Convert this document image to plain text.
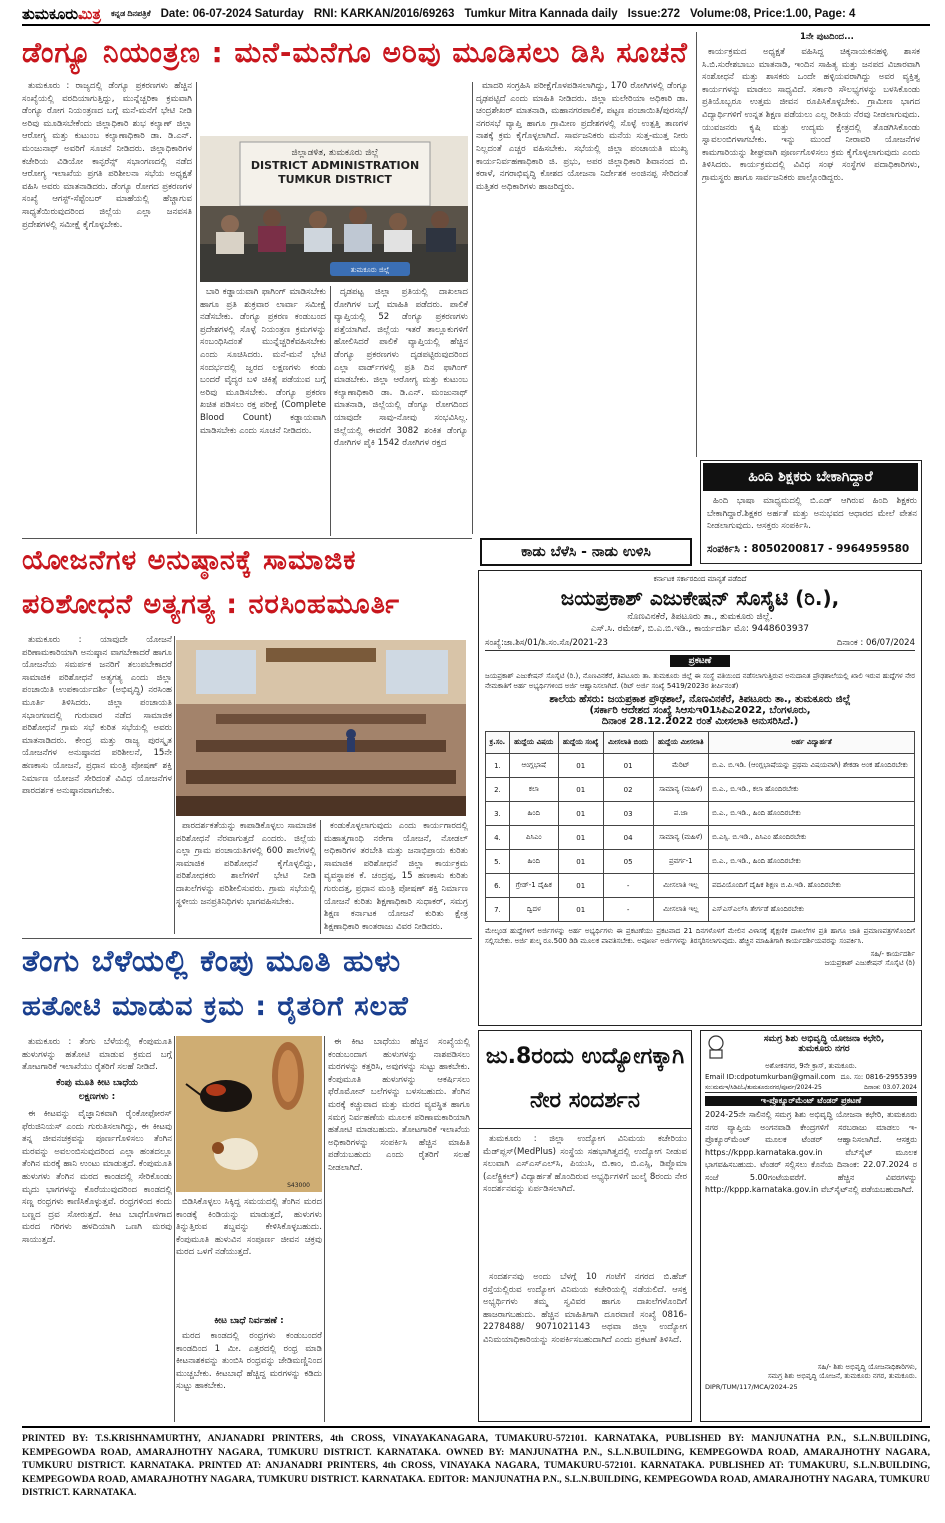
ತುಮಕೂರುಮಿತ್ರ ಕನ್ನಡ ದಿನಪತ್ರಿಕೆ Date: 06-07-2024 Saturday RNI: KARKAN/2016/69263 Tumkur Mitra Kannada daily Issue:272 Volume:08, Price:1.00, Page: 4
ಡೆಂಗ್ಯೂ ನಿಯಂತ್ರಣ : ಮನೆ-ಮನೆಗೂ ಅರಿವು ಮೂಡಿಸಲು ಡಿಸಿ ಸೂಚನೆ

ತುಮಕೂರು : ರಾಜ್ಯದಲ್ಲಿ ಡೆಂಗ್ಯೂ ಪ್ರಕರಣಗಳು ಹೆಚ್ಚಿನ ಸಂಖ್ಯೆಯಲ್ಲಿ ವರದಿಯಾಗುತ್ತಿದ್ದು, ಮುನ್ನೆಚ್ಚರಿಕಾ ಕ್ರಮವಾಗಿ ಡೆಂಗ್ಯೂ ರೋಗ ನಿಯಂತ್ರಣದ ಬಗ್ಗೆ ಮನೆ-ಮನೆಗೆ ಭೇಟಿ ನೀಡಿ ಅರಿವು ಮೂಡಿಸಬೇಕೆಂದು ಜಿಲ್ಲಾಧಿಕಾರಿ ಶುಭ ಕಲ್ಯಾಣ್ ಜಿಲ್ಲಾ ಆರೋಗ್ಯ ಮತ್ತು ಕುಟುಂಬ ಕಲ್ಯಾಣಾಧಿಕಾರಿ ಡಾ. ಡಿ.ಎನ್. ಮಂಜುನಾಥ್ ಅವರಿಗೆ ಸೂಚನೆ ನೀಡಿದರು. ಜಿಲ್ಲಾಧಿಕಾರಿಗಳ ಕಚೇರಿಯ ವಿಡಿಯೋ ಕಾನ್ಫರೆನ್ಸ್ ಸಭಾಂಗಣದಲ್ಲಿ ನಡೆದ ಆರೋಗ್ಯ ಇಲಾಖೆಯ ಪ್ರಗತಿ ಪರಿಶೀಲನಾ ಸಭೆಯ ಅಧ್ಯಕ್ಷತೆ ವಹಿಸಿ ಅವರು ಮಾತನಾಡಿದರು. ಡೆಂಗ್ಯೂ ರೋಗದ ಪ್ರಕರಣಗಳ ಸಂಖ್ಯೆ ಆಗಸ್ಟ್-ಸೆಪ್ಟೆಂಬರ್ ಮಾಹೆಯಲ್ಲಿ ಹೆಚ್ಚಾಗುವ ಸಾಧ್ಯತೆಯಿರುವುದರಿಂದ ಜಿಲ್ಲೆಯ ಎಲ್ಲಾ ಜನವಸತಿ ಪ್ರದೇಶಗಳಲ್ಲಿ ಸಮೀಕ್ಷೆ ಕೈಗೊಳ್ಳಬೇಕು.

ಜಿಲ್ಲಾಡಳಿತ, ತುಮಕೂರು ಜಿಲ್ಲೆ
DISTRICT ADMINISTRATION
TUMKUR DISTRICT
ತುಮಕೂರು ಜಿಲ್ಲೆ

ಬಾರಿ ಕಡ್ಡಾಯವಾಗಿ ಫಾಗಿಂಗ್ ಮಾಡಿಸಬೇಕು ಹಾಗೂ ಪ್ರತಿ ಶುಕ್ರವಾರ ಲಾರ್ವಾ ಸಮೀಕ್ಷೆ ನಡೆಸಬೇಕು. ಡೆಂಗ್ಯೂ ಪ್ರಕರಣ ಕಂಡುಬಂದ ಪ್ರದೇಶಗಳಲ್ಲಿ ಸೊಳ್ಳೆ ನಿಯಂತ್ರಣ ಕ್ರಮಗಳನ್ನು ಸಂಬಂಧಿಸಿದಂತೆ ಮುನ್ನೆಚ್ಚರಿಕೆವಹಿಸಬೇಕು ಎಂದು ಸೂಚಿಸಿದರು. ಮನೆ-ಮನೆ ಭೇಟಿ ಸಂದರ್ಭದಲ್ಲಿ ಜ್ವರದ ಲಕ್ಷಣಗಳು ಕಂಡು ಬಂದರೆ ವೈದ್ಯರ ಬಳಿ ಚಿಕಿತ್ಸೆ ಪಡೆಯುವ ಬಗ್ಗೆ ಅರಿವು ಮೂಡಿಸಬೇಕು. ಡೆಂಗ್ಯೂ ಪ್ರಕರಣ ಖಚಿತ ಪಡಿಸಲು ರಕ್ತ ಪರೀಕ್ಷೆ (Complete Blood Count) ಕಡ್ಡಾಯವಾಗಿ ಮಾಡಿಸಬೇಕು ಎಂದು ಸೂಚನೆ ನೀಡಿದರು.

ದೃಡಪಟ್ಟ ಜಿಲ್ಲಾ ಪ್ರತಿಯಲ್ಲಿ ದಾಖಲಾದ ರೋಗಿಗಳ ಬಗ್ಗೆ ಮಾಹಿತಿ ಪಡೆದರು. ಪಾಲಿಕೆ ವ್ಯಾಪ್ತಿಯಲ್ಲಿ 52 ಡೆಂಗ್ಯೂ ಪ್ರಕರಣಗಳು ಪತ್ತೆಯಾಗಿವೆ. ಜಿಲ್ಲೆಯ ಇತರೆ ತಾಲ್ಲೂಕುಗಳಿಗೆ ಹೋಲಿಸಿದರೆ ಪಾಲಿಕೆ ವ್ಯಾಪ್ತಿಯಲ್ಲಿ ಹೆಚ್ಚಿನ ಡೆಂಗ್ಯೂ ಪ್ರಕರಣಗಳು ದೃಡಪಟ್ಟಿರುವುದರಿಂದ ಎಲ್ಲಾ ವಾರ್ಡ್‌ಗಳಲ್ಲಿ ಪ್ರತಿ ದಿನ ಫಾಗಿಂಗ್ ಮಾಡಬೇಕು. ಜಿಲ್ಲಾ ಆರೋಗ್ಯ ಮತ್ತು ಕುಟುಂಬ ಕಲ್ಯಾಣಾಧಿಕಾರಿ ಡಾ. ಡಿ.ಎನ್. ಮಂಜುನಾಥ್ ಮಾತನಾಡಿ, ಜಿಲ್ಲೆಯಲ್ಲಿ ಡೆಂಗ್ಯೂ ರೋಗದಿಂದ ಯಾವುದೇ ಸಾವು-ನೋವು ಸಂಭವಿಸಿಲ್ಲ. ಜಿಲ್ಲೆಯಲ್ಲಿ ಈವರೆಗೆ 3082 ಶಂಕಿತ ಡೆಂಗ್ಯೂ ರೋಗಿಗಳ ಪೈಕಿ 1542 ರೋಗಿಗಳ ರಕ್ತದ

ಮಾದರಿ ಸಂಗ್ರಹಿಸಿ ಪರೀಕ್ಷೆಗೊಳಪಡಿಸಲಾಗಿದ್ದು, 170 ರೋಗಿಗಳಲ್ಲಿ ಡೆಂಗ್ಯೂ ದೃಢಪಟ್ಟಿದೆ ಎಂದು ಮಾಹಿತಿ ನೀಡಿದರು. ಜಿಲ್ಲಾ ಮಲೇರಿಯಾ ಅಧಿಕಾರಿ ಡಾ. ಚಂದ್ರಶೇಖರ್ ಮಾತನಾಡಿ, ಮಹಾನಗರಪಾಲಿಕೆ, ಪಟ್ಟಣ ಪಂಚಾಯಿತಿ/ಪುರಸಭೆ/ನಗರಸಭೆ ವ್ಯಾಪ್ತಿ ಹಾಗೂ ಗ್ರಾಮೀಣ ಪ್ರದೇಶಗಳಲ್ಲಿ ಸೊಳ್ಳೆ ಉತ್ಪತ್ತಿ ತಾಣಗಳ ನಾಶಕ್ಕೆ ಕ್ರಮ ಕೈಗೊಳ್ಳಲಾಗಿದೆ. ಸಾರ್ವಜನಿಕರು ಮನೆಯ ಸುತ್ತ-ಮುತ್ತ ನೀರು ನಿಲ್ಲದಂತೆ ಎಚ್ಚರ ವಹಿಸಬೇಕು. ಸಭೆಯಲ್ಲಿ ಜಿಲ್ಲಾ ಪಂಚಾಯತಿ ಮುಖ್ಯ ಕಾರ್ಯನಿರ್ವಹಣಾಧಿಕಾರಿ ಜಿ. ಪ್ರಭು, ಅಪರ ಜಿಲ್ಲಾಧಿಕಾರಿ ಶಿವಾನಂದ ಬಿ. ಕರಾಳೆ, ನಗರಾಭಿವೃದ್ಧಿ ಕೋಶದ ಯೋಜನಾ ನಿರ್ದೇಶಕ ಅಂಜಿನಪ್ಪ ಸೇರಿದಂತೆ ಮತ್ತಿತರ ಅಧಿಕಾರಿಗಳು ಹಾಜರಿದ್ದರು.

1ನೇ ಪುಟದಿಂದ...

ಕಾರ್ಯಕ್ರಮದ ಅಧ್ಯಕ್ಷತೆ ವಹಿಸಿದ್ದ ಚಿಕ್ಕನಾಯಕನಹಳ್ಳಿ ಶಾಸಕ ಸಿ.ಬಿ.ಸುರೇಶಬಾಬು ಮಾತನಾಡಿ, ಇಂದಿನ ಸಾಹಿತ್ಯ ಮತ್ತು ಜನಪದ ವಿಚಾರವಾಗಿ ಸಂಶೋಧನೆ ಮತ್ತು ಶಾಸಕರು ಒಂದೇ ಹಳ್ಳಿಯವರಾಗಿದ್ದು ಅವರ ವ್ಯಕ್ತಿತ್ವ ಕಾರ್ಯಗಳನ್ನು ಮಾಡಲು ಸಾಧ್ಯವಿದೆ. ಸರ್ಕಾರಿ ಸೌಲಭ್ಯಗಳನ್ನು ಬಳಸಿಕೊಂಡು ಪ್ರತಿಯೊಬ್ಬರೂ ಉತ್ತಮ ಜೀವನ ರೂಪಿಸಿಕೊಳ್ಳಬೇಕು. ಗ್ರಾಮೀಣ ಭಾಗದ ವಿದ್ಯಾರ್ಥಿಗಳಿಗೆ ಉನ್ನತ ಶಿಕ್ಷಣ ಪಡೆಯಲು ಎಲ್ಲ ರೀತಿಯ ನೆರವು ನೀಡಲಾಗುವುದು. ಯುವಜನರು ಕೃಷಿ ಮತ್ತು ಉದ್ಯಮ ಕ್ಷೇತ್ರದಲ್ಲಿ ತೊಡಗಿಸಿಕೊಂಡು ಸ್ವಾವಲಂಬಿಗಳಾಗಬೇಕು. ಇನ್ನು ಮುಂದೆ ನೀರಾವರಿ ಯೋಜನೆಗಳ ಕಾಮಗಾರಿಯನ್ನು ಶೀಘ್ರವಾಗಿ ಪೂರ್ಣಗೊಳಿಸಲು ಕ್ರಮ ಕೈಗೊಳ್ಳಲಾಗುವುದು ಎಂದು ತಿಳಿಸಿದರು. ಕಾರ್ಯಕ್ರಮದಲ್ಲಿ ವಿವಿಧ ಸಂಘ ಸಂಸ್ಥೆಗಳ ಪದಾಧಿಕಾರಿಗಳು, ಗ್ರಾಮಸ್ಥರು ಹಾಗೂ ಸಾರ್ವಜನಿಕರು ಪಾಲ್ಗೊಂಡಿದ್ದರು.

ಹಿಂದಿ ಶಿಕ್ಷಕರು ಬೇಕಾಗಿದ್ದಾರೆ

ಹಿಂದಿ ಭಾಷಾ ಮಾಧ್ಯಮದಲ್ಲಿ ಬಿ.ಎಡ್ ಆಗಿರುವ ಹಿಂದಿ ಶಿಕ್ಷಕರು ಬೇಕಾಗಿದ್ದಾರೆ.ಶಿಕ್ಷಕರ ಅರ್ಹತೆ ಮತ್ತು ಅನುಭವದ ಆಧಾರದ ಮೇಲೆ ವೇತನ ನೀಡಲಾಗುವುದು. ಆಸಕ್ತರು ಸಂಪರ್ಕಿಸಿ.

ಸಂಪರ್ಕಿಸಿ : 8050200817 - 9964959580
ಕಾಡು ಬೆಳೆಸಿ - ನಾಡು ಉಳಿಸಿ
ಯೋಜನೆಗಳ ಅನುಷ್ಠಾನಕ್ಕೆ ಸಾಮಾಜಿಕ
ಪರಿಶೋಧನೆ ಅತ್ಯಗತ್ಯ : ನರಸಿಂಹಮೂರ್ತಿ

ತುಮಕೂರು : ಯಾವುದೇ ಯೋಜನೆ ಪರಿಣಾಮಕಾರಿಯಾಗಿ ಅನುಷ್ಠಾನ ವಾಗಬೇಕಾದರೆ ಹಾಗೂ ಯೋಜನೆಯ ಸಮರ್ಪಕ ಜನರಿಗೆ ತಲುಪಬೇಕಾದರೆ ಸಾಮಾಜಿಕ ಪರಿಶೋಧನೆ ಅತ್ಯಗತ್ಯ ಎಂದು ಜಿಲ್ಲಾ ಪಂಚಾಯಿತಿ ಉಪಕಾರ್ಯದರ್ಶಿ (ಅಭಿವೃದ್ಧಿ) ನರಸಿಂಹ ಮೂರ್ತಿ ತಿಳಿಸಿದರು. ಜಿಲ್ಲಾ ಪಂಚಾಯತಿ ಸಭಾಂಗಣದಲ್ಲಿ ಗುರುವಾರ ನಡೆದ ಸಾಮಾಜಿಕ ಪರಿಶೋಧನೆ ಗ್ರಾಮ ಸಭೆ ಕುರಿತ ಸಭೆಯಲ್ಲಿ ಅವರು ಮಾತನಾಡಿದರು. ಕೇಂದ್ರ ಮತ್ತು ರಾಜ್ಯ ಪುರಸ್ಕೃತ ಯೋಜನೆಗಳ ಅನುಷ್ಠಾನದ ಪರಿಶೀಲನೆ, 15ನೇ ಹಣಕಾಸು ಯೋಜನೆ, ಪ್ರಧಾನ ಮಂತ್ರಿ ಪೋಷಣ್ ಶಕ್ತಿ ನಿರ್ಮಾಣ ಯೋಜನೆ ಸೇರಿದಂತೆ ವಿವಿಧ ಯೋಜನೆಗಳ ಪಾರದರ್ಶಕ ಅನುಷ್ಠಾನವಾಗಬೇಕು.

ಪಾರದರ್ಶಕತೆಯನ್ನು ಕಾಪಾಡಿಕೊಳ್ಳಲು ಸಾಮಾಜಿಕ ಪರಿಶೋಧನೆ ನೆರವಾಗುತ್ತದೆ ಎಂದರು. ಜಿಲ್ಲೆಯ ಎಲ್ಲಾ ಗ್ರಾಮ ಪಂಚಾಯತಿಗಳಲ್ಲಿ 600 ಶಾಲೆಗಳಲ್ಲಿ ಸಾಮಾಜಿಕ ಪರಿಶೋಧನೆ ಕೈಗೊಳ್ಳಲಿದ್ದು, ಪರಿಶೋಧಕರು ಶಾಲೆಗಳಿಗೆ ಭೇಟಿ ನೀಡಿ ದಾಖಲೆಗಳನ್ನು ಪರಿಶೀಲಿಸುವರು. ಗ್ರಾಮ ಸಭೆಯಲ್ಲಿ ಸ್ಥಳೀಯ ಜನಪ್ರತಿನಿಧಿಗಳು ಭಾಗವಹಿಸಬೇಕು.

ಕಂಡುಕೊಳ್ಳಲಾಗುವುದು ಎಂದು ಕಾರ್ಯಗಾರದಲ್ಲಿ ಮಹಾತ್ಮಗಾಂಧಿ ನರೇಗಾ ಯೋಜನೆ, ನೋಡಲ್ ಅಧಿಕಾರಿಗಳ ತರಬೇತಿ ಮತ್ತು ಜನಾಭಿಪ್ರಾಯ ಕುರಿತು ಸಾಮಾಜಿಕ ಪರಿಶೋಧನೆ ಜಿಲ್ಲಾ ಕಾರ್ಯಕ್ರಮ ವ್ಯವಸ್ಥಾಪಕ ಕೆ. ಚಂದ್ರಪ್ಪ, 15 ಹಣಕಾಸು ಕುರಿತು ಗುರುದತ್ತ, ಪ್ರಧಾನ ಮಂತ್ರಿ ಪೋಷಣ್ ಶಕ್ತಿ ನಿರ್ಮಾಣ ಯೋಜನೆ ಕುರಿತು ಶಿಕ್ಷಣಾಧಿಕಾರಿ ಸುಧಾಕರ್, ಸಮಗ್ರ ಶಿಕ್ಷಣ ಕರ್ನಾಟಕ ಯೋಜನೆ ಕುರಿತು ಕ್ಷೇತ್ರ ಶಿಕ್ಷಣಾಧಿಕಾರಿ ಕಾಂತರಾಜು ವಿವರ ನೀಡಿದರು.

ತೆಂಗು ಬೆಳೆಯಲ್ಲಿ ಕೆಂಪು ಮೂತಿ ಹುಳು
ಹತೋಟಿ ಮಾಡುವ ಕ್ರಮ : ರೈತರಿಗೆ ಸಲಹೆ

ತುಮಕೂರು : ತೆಂಗು ಬೆಳೆಯಲ್ಲಿ ಕೆಂಪುಮೂತಿ ಹುಳುಗಳನ್ನು ಹತೋಟಿ ಮಾಡುವ ಕ್ರಮದ ಬಗ್ಗೆ ತೋಟಗಾರಿಕೆ ಇಲಾಖೆಯು ರೈತರಿಗೆ ಸಲಹೆ ನೀಡಿದೆ.

ಕೆಂಪು ಮೂತಿ ಕೀಟ ಬಾಧೆಯ
ಲಕ್ಷಣಗಳು :

ಈ ಕೀಟವನ್ನು ವೈಜ್ಞಾನಿಕವಾಗಿ ರೈಂಕೋಫೋರಸ್ ಫೆರುಜಿನಿಯಸ್ ಎಂದು ಗುರುತಿಸಲಾಗಿದ್ದು, ಈ ಕೀಟವು ತನ್ನ ಜೀವನಚಕ್ರವನ್ನು ಪೂರ್ಣಗೊಳಿಸಲು ತೆಂಗಿನ ಮರವನ್ನು ಅವಲಂಬಿಸುವುದರಿಂದ ಎಲ್ಲಾ ಹಂತದಲ್ಲೂ ತೆಂಗಿನ ಮರಕ್ಕೆ ಹಾನಿ ಉಂಟು ಮಾಡುತ್ತದೆ. ಕೆಂಪುಮೂತಿ ಹುಳುಗಳು ತೆಂಗಿನ ಮರದ ಕಾಂಡದಲ್ಲಿ ಸೇರಿಕೊಂಡು ಮೃದು ಭಾಗಗಳನ್ನು ಕೊರೆಯುವುದರಿಂದ ಕಾಂಡದಲ್ಲಿ ಸಣ್ಣ ರಂಧ್ರಗಳು ಕಾಣಿಸಿಕೊಳ್ಳುತ್ತವೆ. ರಂಧ್ರಗಳಿಂದ ಕಂದು ಬಣ್ಣದ ದ್ರವ ಸೋರುತ್ತದೆ. ಕೀಟ ಬಾಧೆಗೊಳಗಾದ ಮರದ ಗರಿಗಳು ಹಳದಿಯಾಗಿ ಒಣಗಿ ಮರವು ಸಾಯುತ್ತದೆ.

S43000

ಬಿಡಿಸಿಕೊಳ್ಳಲು ಸಿಕ್ಕಿದ್ದ ಸಮಯದಲ್ಲಿ ತೆಂಗಿನ ಮರದ ಕಾಂಡಕ್ಕೆ ಕಿಂಡಿಯನ್ನು ಮಾಡುತ್ತದೆ, ಹುಳುಗಳು ತಿನ್ನುತ್ತಿರುವ ಶಬ್ದವನ್ನು ಕೇಳಿಸಿಕೊಳ್ಳಬಹುದು. ಕೆಂಪುಮೂತಿ ಹುಳುವಿನ ಸಂಪೂರ್ಣ ಜೀವನ ಚಕ್ರವು ಮರದ ಒಳಗೆ ನಡೆಯುತ್ತದೆ.

ಕೀಟ ಬಾಧೆ ನಿರ್ವಹಣೆ :

ಮರದ ಕಾಂಡದಲ್ಲಿ ರಂಧ್ರಗಳು ಕಂಡುಬಂದರೆ ಕಾಂಡದಿಂದ 1 ಮೀ. ಎತ್ತರದಲ್ಲಿ ರಂಧ್ರ ಮಾಡಿ ಕೀಟನಾಶಕವನ್ನು ತುಂಬಿಸಿ ರಂಧ್ರವನ್ನು ಜೇಡಿಮಣ್ಣಿನಿಂದ ಮುಚ್ಚಬೇಕು. ಕೀಟಬಾಧೆ ಹೆಚ್ಚಿದ್ದ ಮರಗಳನ್ನು ಕಡಿದು ಸುಟ್ಟು ಹಾಕಬೇಕು.

ಈ ಕೀಟ ಬಾಧೆಯು ಹೆಚ್ಚಿನ ಸಂಖ್ಯೆಯಲ್ಲಿ ಕಂಡುಬಂದಾಗ ಹುಳುಗಳನ್ನು ನಾಶಪಡಿಸಲು ಮರಗಳನ್ನು ಕತ್ತರಿಸಿ, ಅವುಗಳನ್ನು ಸುಟ್ಟು ಹಾಕಬೇಕು. ಕೆಂಪುಮೂತಿ ಹುಳುಗಳನ್ನು ಆಕರ್ಷಿಸಲು ಫೆರೊಮೋನ್ ಬಲೆಗಳನ್ನು ಬಳಸಬಹುದು. ತೆಂಗಿನ ಮರಕ್ಕೆ ಕಚ್ಚುವಾದ ಮತ್ತು ಮರದ ವ್ಯವಸ್ಥಿತ ಹಾಗೂ ಸಮಗ್ರ ನಿರ್ವಹಣೆಯ ಮೂಲಕ ಪರಿಣಾಮಕಾರಿಯಾಗಿ ಹತೋಟಿ ಮಾಡಬಹುದು. ತೋಟಗಾರಿಕೆ ಇಲಾಖೆಯ ಅಧಿಕಾರಿಗಳನ್ನು ಸಂಪರ್ಕಿಸಿ ಹೆಚ್ಚಿನ ಮಾಹಿತಿ ಪಡೆಯಬಹುದು ಎಂದು ರೈತರಿಗೆ ಸಲಹೆ ನೀಡಲಾಗಿದೆ.

ಕರ್ನಾಟಕ ಸರ್ಕಾರದಿಂದ ಮಾನ್ಯತೆ ಪಡೆದಿದೆ
ಜಯಪ್ರಕಾಶ್ ಎಜುಕೇಷನ್ ಸೊಸೈಟಿ (ರಿ.),
ನೊಣವಿನಕೆರೆ, ತಿಪಟೂರು ತಾ., ತುಮಕೂರು ಜಿಲ್ಲೆ.
ಎಸ್.ಸಿ. ರಮೇಶ್, ಬಿ.ಎ.ಬಿ.ಇಡಿ., ಕಾರ್ಯದರ್ಶಿ ಮೊ: 9448603937
ಸಂಖ್ಯೆ:ಜಾ.ಶಿಸ/01/ಶಿ.ಸಂ.ಸೊ/2021-23	ದಿನಾಂಕ : 06/07/2024
ಪ್ರಕಟಣೆ
ಜಯಪ್ರಕಾಶ್ ಎಜುಕೇಷನ್ ಸೊಸೈಟಿ (ರಿ.), ನೊಣವಿನಕೆರೆ, ತಿಪಟೂರು ತಾ. ತುಮಕೂರು ಜಿಲ್ಲೆ ಈ ಸಂಸ್ಥೆ ವತಿಯಿಂದ ನಡೆಸಲಾಗುತ್ತಿರುವ ಅನುದಾನಿತ ಪ್ರೌಢಶಾಲೆಯಲ್ಲಿ ಖಾಲಿ ಇರುವ ಹುದ್ದೆಗಳ ನೇರ ನೇಮಕಾತಿಗೆ ಅರ್ಹ ಅಭ್ಯರ್ಥಿಗಳಿಂದ ಅರ್ಜಿ ಆಹ್ವಾನಿಸಲಾಗಿದೆ. (ರಿಟ್ ಅರ್ಜಿ ಸಂಖ್ಯೆ 5419/2023ರ ತೀರ್ಪಿನಂತೆ)
ಶಾಲೆಯ ಹೆಸರು: ಜಯಪ್ರಕಾಶ ಪ್ರೌಢಶಾಲೆ, ನೊಣವಿನಕೆರೆ, ತಿಪಟೂರು ತಾ., ತುಮಕೂರು ಜಿಲ್ಲೆ
(ಸರ್ಕಾರಿ ಆದೇಶದ ಸಂಖ್ಯೆ ಸಿಆಸುಇ01ಸಿಪಿಎ2022, ಬೆಂಗಳೂರು,
ದಿನಾಂಕ 28.12.2022 ರಂತೆ ಮೀಸಲಾತಿ ಅನುಸರಿಸಿದೆ.)
ಕ್ರ.ಸಂ.	ಹುದ್ದೆಯ ವಿಷಯ	ಹುದ್ದೆಯ ಸಂಖ್ಯೆ	ಮೀಸಲಾತಿ ಬಿಂದು	ಹುದ್ದೆಯ ಮೀಸಲಾತಿ	ಅರ್ಹ ವಿದ್ಯಾರ್ಹತೆ
1.	ಆಂಗ್ಲಭಾಷೆ	01	01	ಮೆರಿಟ್	ಬಿ.ಎ. ಬಿ.ಇಡಿ. (ಆಂಗ್ಲಭಾಷೆಯನ್ನು ಪ್ರಥಮ ವಿಷಯವಾಗಿ) ಶೇಕಡಾ ಅಂಕ ಹೊಂದಿರಬೇಕು
2.	ಕಲಾ	01	02	ಸಾಮಾನ್ಯ (ಮಹಿಳೆ)	ಬಿ.ಎ., ಬಿ.ಇಡಿ., ಕಲಾ ಹೊಂದಿರಬೇಕು
3.	ಹಿಂದಿ	01	03	ಪ.ಜಾ	ಬಿ.ಎ., ಬಿ.ಇಡಿ., ಹಿಂದಿ ಹೊಂದಿರಬೇಕು
4.	ಪಿಸಿಎಂ	01	04	ಸಾಮಾನ್ಯ (ಮಹಿಳೆ)	ಬಿ.ಎಸ್ಸಿ. ಬಿ.ಇಡಿ., ಪಿಸಿಎಂ ಹೊಂದಿರಬೇಕು
5.	ಹಿಂದಿ	01	05	ಪ್ರವರ್ಗ-1	ಬಿ.ಎ., ಬಿ.ಇಡಿ., ಹಿಂದಿ ಹೊಂದಿರಬೇಕು
6.	ಗ್ರೇಡ್-1 ದೈಹಿಕ	01	-	ಮೀಸಲಾತಿ ಇಲ್ಲ	ಪದವಿಯೊಂದಿಗೆ ದೈಹಿಕ ಶಿಕ್ಷಣ ಬಿ.ಪಿ.ಇಡಿ. ಹೊಂದಿರಬೇಕು
7.	ದ್ವಿದಳ	01	-	ಮೀಸಲಾತಿ ಇಲ್ಲ	ಎಸ್ಎಸ್ಎಲ್‌ಸಿ ತೇರ್ಗಡೆ ಹೊಂದಿರಬೇಕು
ಮೇಲ್ಕಂಡ ಹುದ್ದೆಗಳಿಗೆ ಅರ್ಜಿಗಳನ್ನು ಅರ್ಹ ಅಭ್ಯರ್ಥಿಗಳು ಈ ಪ್ರಕಟಣೆಯು ಪ್ರಕಟವಾದ 21 ದಿನಗಳೊಳಗೆ ಮೇಲಿನ ವಿಳಾಸಕ್ಕೆ ಶೈಕ್ಷಣಿಕ ದಾಖಲೆಗಳ ಪ್ರತಿ ಹಾಗೂ ಜಾತಿ ಪ್ರಮಾಣಪತ್ರಗಳೊಂದಿಗೆ ಸಲ್ಲಿಸಬೇಕು. ಅರ್ಜಿ ಶುಲ್ಕ ರೂ.500 ಡಿಡಿ ಮೂಲಕ ಪಾವತಿಸಬೇಕು. ಅಪೂರ್ಣ ಅರ್ಜಿಗಳನ್ನು ತಿರಸ್ಕರಿಸಲಾಗುವುದು. ಹೆಚ್ಚಿನ ಮಾಹಿತಿಗಾಗಿ ಕಾರ್ಯದರ್ಶಿಯವರನ್ನು ಸಂಪರ್ಕಿಸಿ.
ಸಹಿ/- ಕಾರ್ಯದರ್ಶಿ
ಜಯಪ್ರಕಾಶ್ ಎಜುಕೇಷನ್ ಸೊಸೈಟಿ (ರಿ)
ಜು.8ರಂದು ಉದ್ಯೋಗಕ್ಕಾಗಿ
ನೇರ ಸಂದರ್ಶನ

ತುಮಕೂರು : ಜಿಲ್ಲಾ ಉದ್ಯೋಗ ವಿನಿಮಯ ಕಚೇರಿಯು ಮೆಡ್‌ಪ್ಲಸ್(MedPlus) ಸಂಸ್ಥೆಯ ಸಹಭಾಗಿತ್ವದಲ್ಲಿ ಉದ್ಯೋಗ ನೀಡುವ ಸಲುವಾಗಿ ಎಸ್ಎಸ್ಎಲ್‌ಸಿ, ಪಿಯುಸಿ, ಬಿ.ಕಾಂ, ಬಿ.ಎಸ್ಸಿ, ಡಿಪ್ಲೊಮಾ (ಎಲೆಕ್ಟ್ರಿಕಲ್) ವಿದ್ಯಾರ್ಹತೆ ಹೊಂದಿರುವ ಅಭ್ಯರ್ಥಿಗಳಿಗೆ ಜುಲೈ 8ರಂದು ನೇರ ಸಂದರ್ಶನವನ್ನು ಏರ್ಪಡಿಸಲಾಗಿದೆ.

ಸಂದರ್ಶನವು ಅಂದು ಬೆಳಗ್ಗೆ 10 ಗಂಟೆಗೆ ನಗರದ ಬಿ.ಹೆಚ್ ರಸ್ತೆಯಲ್ಲಿರುವ ಉದ್ಯೋಗ ವಿನಿಮಯ ಕಚೇರಿಯಲ್ಲಿ ನಡೆಯಲಿದೆ. ಆಸಕ್ತ ಅಭ್ಯರ್ಥಿಗಳು ತಮ್ಮ ಸ್ವವಿವರ ಹಾಗೂ ದಾಖಲೆಗಳೊಂದಿಗೆ ಹಾಜರಾಗಬಹುದು. ಹೆಚ್ಚಿನ ಮಾಹಿತಿಗಾಗಿ ದೂರವಾಣಿ ಸಂಖ್ಯೆ 0816-2278488/ 9071021143 ಅಥವಾ ಜಿಲ್ಲಾ ಉದ್ಯೋಗ ವಿನಿಮಯಾಧಿಕಾರಿಯನ್ನು ಸಂಪರ್ಕಿಸಬಹುದಾಗಿದೆ ಎಂದು ಪ್ರಕಟಣೆ ತಿಳಿಸಿದೆ.

ಸಮಗ್ರ ಶಿಶು ಅಭಿವೃದ್ಧಿ ಯೋಜನಾ ಕಛೇರಿ,
ತುಮಕೂರು ನಗರ
ಅಶೋಕನಗರ, 9ನೇ ಕ್ರಾಸ್, ತುಮಕೂರು.
Email ID:cdpotumkurban@gmail.com ದೂ. ಸಂ: 0816-2955399
ಸಂ:ಮಮಇ/ಸಿಡಿಪಿಓ/ತುಮಕೂರುನಗರ/ಪೂರ್ವ/2024-25	ದಿನಾಂಕ: 03.07.2024
ಇ-ಪ್ರೊಕ್ಯೂರ್‌ಮೆಂಟ್ ಟೆಂಡರ್ ಪ್ರಕಟಣೆ
2024-25ನೇ ಸಾಲಿನಲ್ಲಿ ಸಮಗ್ರ ಶಿಶು ಅಭಿವೃದ್ಧಿ ಯೋಜನಾ ಕಛೇರಿ, ತುಮಕೂರು ನಗರ ವ್ಯಾಪ್ತಿಯ ಅಂಗನವಾಡಿ ಕೇಂದ್ರಗಳಿಗೆ ಸರಬರಾಜು ಮಾಡಲು ಇ-ಪ್ರೊಕ್ಯೂರ್‌ಮೆಂಟ್ ಮೂಲಕ ಟೆಂಡರ್ ಆಹ್ವಾನಿಸಲಾಗಿದೆ. ಆಸಕ್ತರು https://kppp.karnataka.gov.in ವೆಬ್‌ಸೈಟ್ ಮೂಲಕ ಭಾಗವಹಿಸಬಹುದು. ಟೆಂಡರ್ ಸಲ್ಲಿಸಲು ಕೊನೆಯ ದಿನಾಂಕ: 22.07.2024 ರ ಸಂಜೆ 5.00ಗಂಟೆಯವರೆಗೆ. ಹೆಚ್ಚಿನ ವಿವರಗಳನ್ನು http://kppp.karnataka.gov.in ವೆಬ್‌ಸೈಟ್‌ನಲ್ಲಿ ಪಡೆಯಬಹುದಾಗಿದೆ.
ಸಹಿ/- ಶಿಶು ಅಭಿವೃದ್ಧಿ ಯೋಜನಾಧಿಕಾರಿಗಳು,
ಸಮಗ್ರ ಶಿಶು ಅಭಿವೃದ್ಧಿ ಯೋಜನೆ, ತುಮಕೂರು ನಗರ, ತುಮಕೂರು.
DIPR/TUM/117/MCA/2024-25
PRINTED BY: T.S.KRISHNAMURTHY, ANJANADRI PRINTERS, 4th CROSS, VINAYAKANAGARA, TUMAKURU-572101. KARNATAKA, PUBLISHED BY: MANJUNATHA P.N., S.L.N.BUILDING, KEMPEGOWDA ROAD, AMARAJHOTHY NAGARA, TUMKURU DISTRICT. KARNATAKA. OWNED BY: MANJUNATHA P.N., S.L.N.BUILDING, KEMPEGOWDA ROAD, AMARAJHOTHY NAGARA, TUMKURU DISTRICT. KARNATAKA. PRINTED AT: ANJANADRI PRINTERS, 4th CROSS, VINAYAKA NAGARA, TUMAKURU-572101. KARNATAKA. PUBLISHED AT: TUMAKURU, S.L.N.BUILDING, KEMPEGOWDA ROAD, AMARAJHOTHY NAGARA, TUMKURU DISTRICT. KARNATAKA. EDITOR: MANJUNATHA P.N., S.L.N.BUILDING, KEMPEGOWDA ROAD, AMARAJHOTHY NAGARA, TUMKURU DISTRICT. KARNATAKA.
